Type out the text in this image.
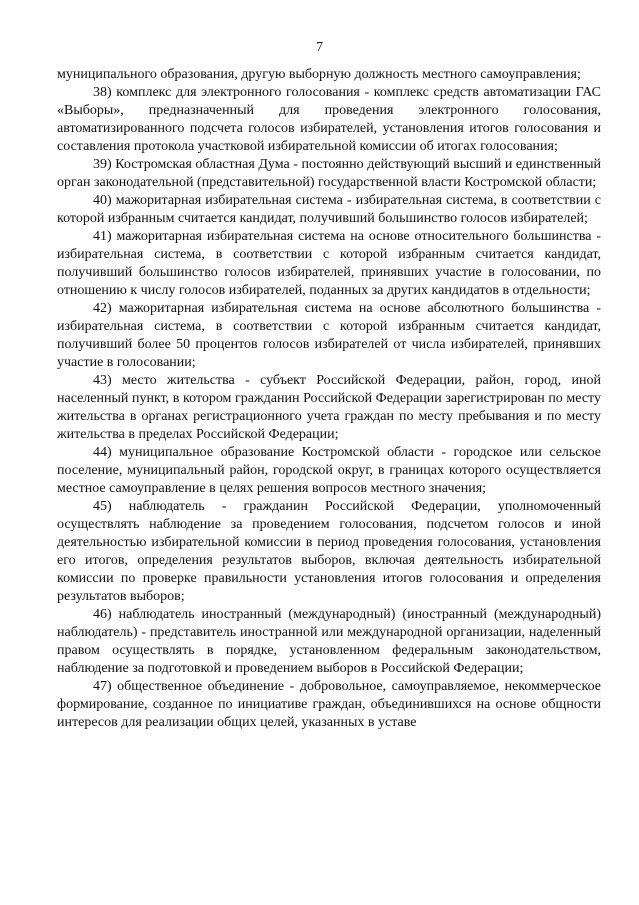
7

муниципального образования, другую выборную должность местного самоуправления;

38) комплекс для электронного голосования - комплекс средств автоматизации ГАС «Выборы», предназначенный для проведения электронного голосования, автоматизированного подсчета голосов избирателей, установления итогов голосования и составления протокола участковой избирательной комиссии об итогах голосования;

39) Костромская областная Дума - постоянно действующий высший и единственный орган законодательной (представительной) государственной власти Костромской области;

40) мажоритарная избирательная система - избирательная система, в соответствии с которой избранным считается кандидат, получивший большинство голосов избирателей;

41) мажоритарная избирательная система на основе относительного большинства - избирательная система, в соответствии с которой избранным считается кандидат, получивший большинство голосов избирателей, принявших участие в голосовании, по отношению к числу голосов избирателей, поданных за других кандидатов в отдельности;

42) мажоритарная избирательная система на основе абсолютного большинства - избирательная система, в соответствии с которой избранным считается кандидат, получивший более 50 процентов голосов избирателей от числа избирателей, принявших участие в голосовании;

43) место жительства - субъект Российской Федерации, район, город, иной населенный пункт, в котором гражданин Российской Федерации зарегистрирован по месту жительства в органах регистрационного учета граждан по месту пребывания и по месту жительства в пределах Российской Федерации;

44) муниципальное образование Костромской области - городское или сельское поселение, муниципальный район, городской округ, в границах которого осуществляется местное самоуправление в целях решения вопросов местного значения;

45) наблюдатель - гражданин Российской Федерации, уполномоченный осуществлять наблюдение за проведением голосования, подсчетом голосов и иной деятельностью избирательной комиссии в период проведения голосования, установления его итогов, определения результатов выборов, включая деятельность избирательной комиссии по проверке правильности установления итогов голосования и определения результатов выборов;

46) наблюдатель иностранный (международный) (иностранный (международный) наблюдатель) - представитель иностранной или международной организации, наделенный правом осуществлять в порядке, установленном федеральным законодательством, наблюдение за подготовкой и проведением выборов в Российской Федерации;

47) общественное объединение - добровольное, самоуправляемое, некоммерческое формирование, созданное по инициативе граждан, объединившихся на основе общности интересов для реализации общих целей, указанных в уставе
